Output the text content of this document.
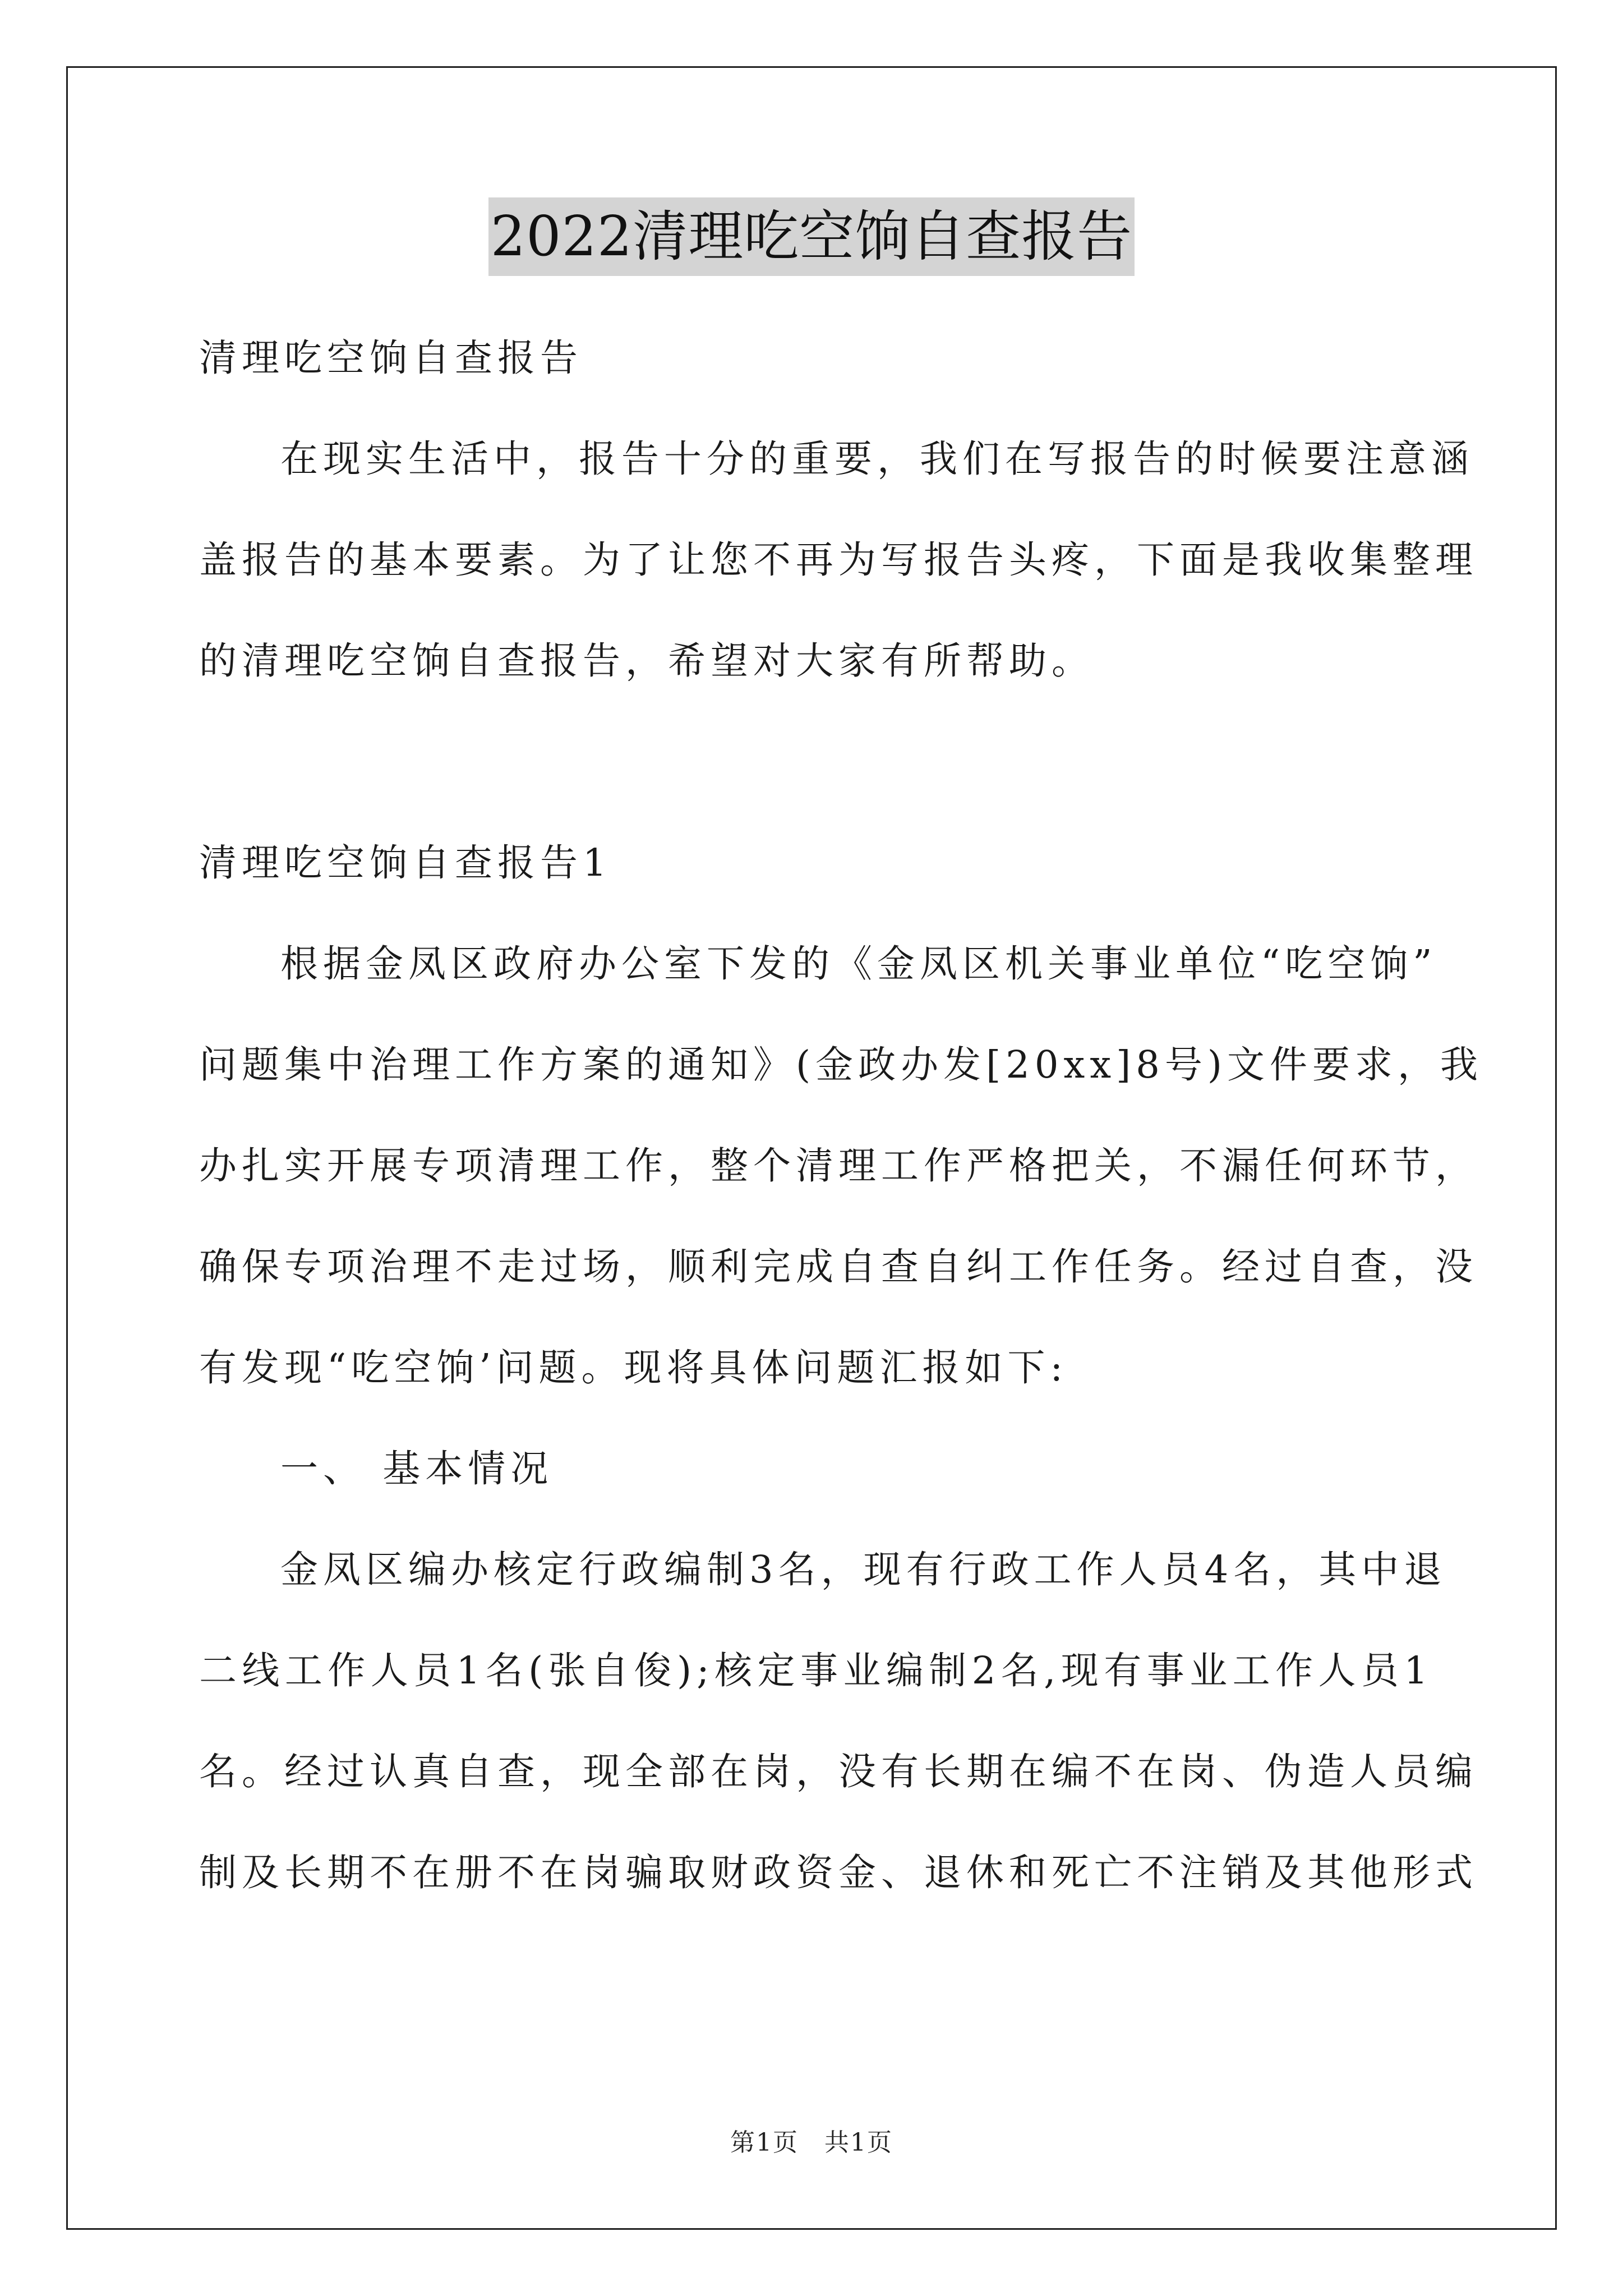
2022清理吃空饷自查报告
清理吃空饷自查报告
在现实生活中，报告十分的重要，我们在写报告的时候要注意涵
盖报告的基本要素。为了让您不再为写报告头疼，下面是我收集整理
的清理吃空饷自查报告，希望对大家有所帮助。
清理吃空饷自查报告1
根据金凤区政府办公室下发的《金凤区机关事业单位“吃空饷”
问题集中治理工作方案的通知》(金政办发[20xx]8号)文件要求，我
办扎实开展专项清理工作，整个清理工作严格把关，不漏任何环节，
确保专项治理不走过场，顺利完成自查自纠工作任务。经过自查，没
有发现“吃空饷’问题。现将具体问题汇报如下:
一、 基本情况
金凤区编办核定行政编制3名，现有行政工作人员4名，其中退
二线工作人员1名(张自俊);核定事业编制2名,现有事业工作人员1
名。经过认真自查，现全部在岗，没有长期在编不在岗、伪造人员编
制及长期不在册不在岗骗取财政资金、退休和死亡不注销及其他形式
第1页　共1页
